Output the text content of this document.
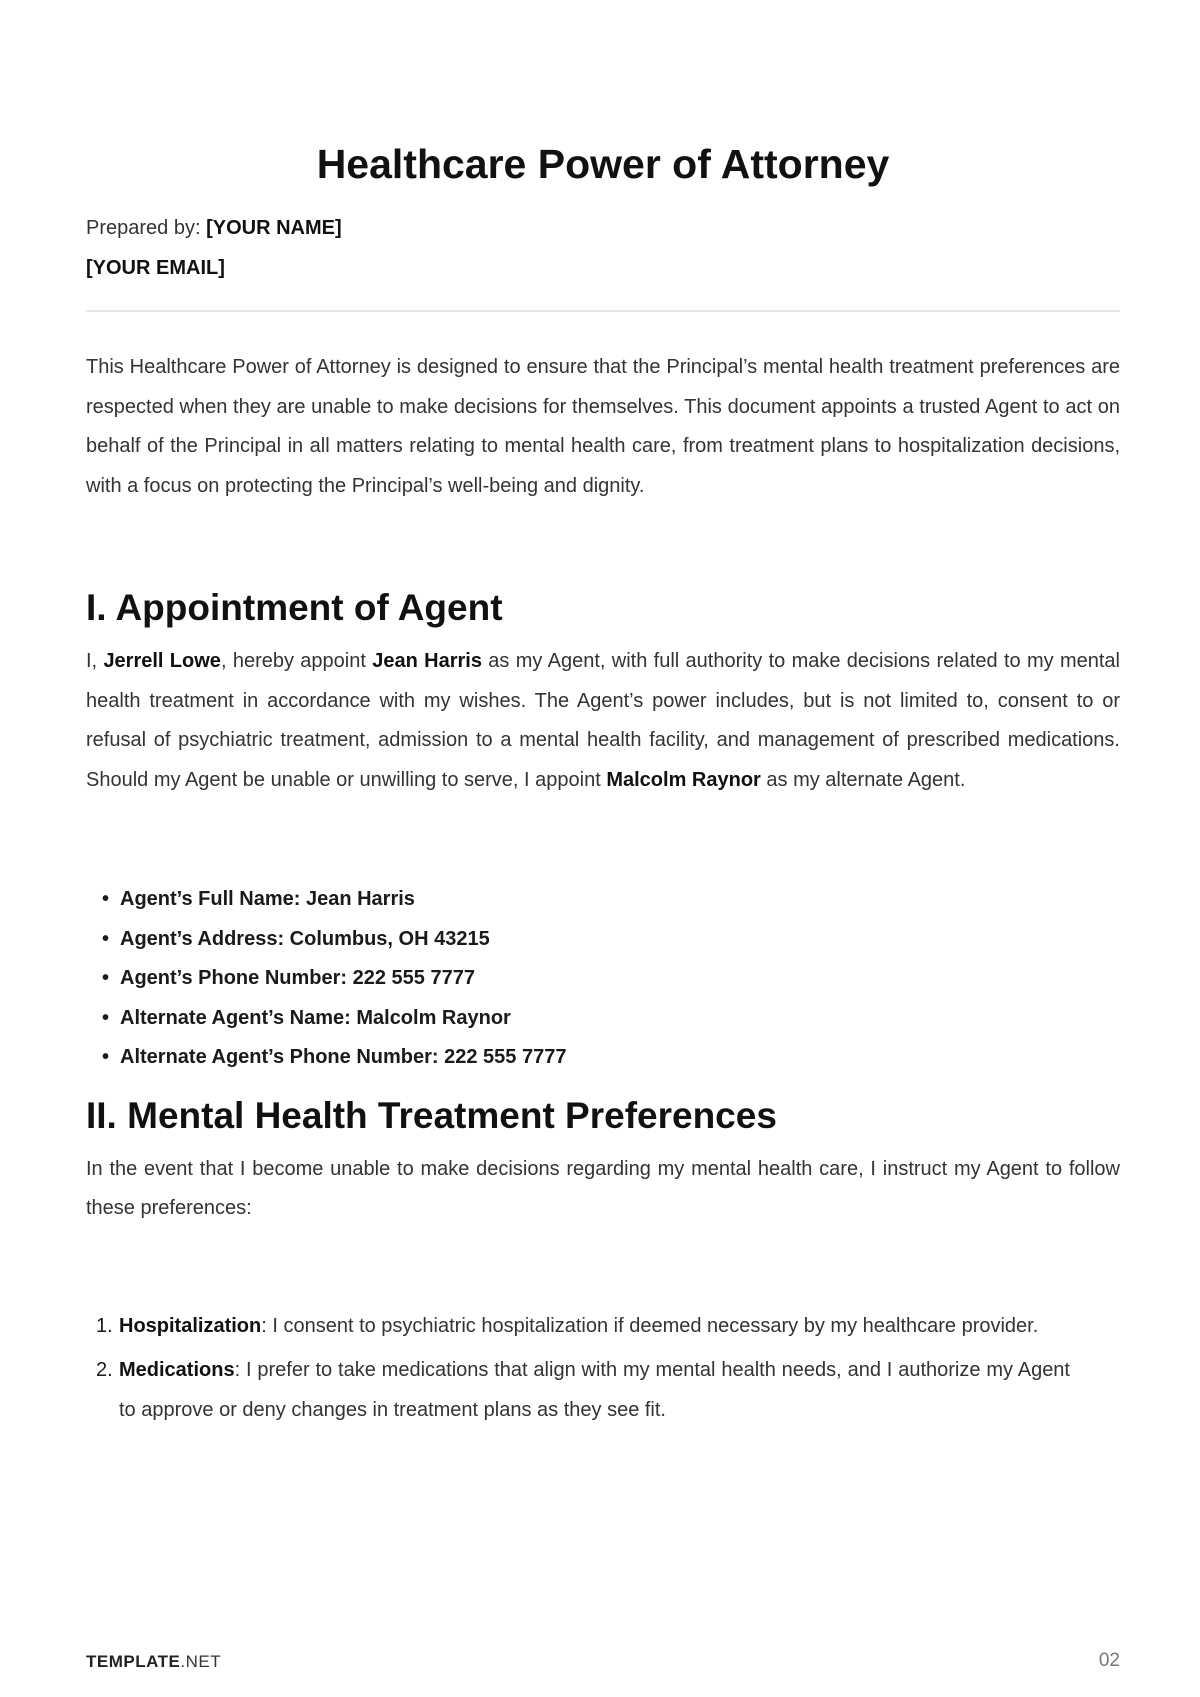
Healthcare Power of Attorney
Prepared by: [YOUR NAME]
[YOUR EMAIL]

This Healthcare Power of Attorney is designed to ensure that the Principal’s mental health treatment preferences are respected when they are unable to make decisions for themselves. This document appoints a trusted Agent to act on behalf of the Principal in all matters relating to mental health care, from treatment plans to hospitalization decisions, with a focus on protecting the Principal’s well-being and dignity.

I. Appointment of Agent

I, Jerrell Lowe, hereby appoint Jean Harris as my Agent, with full authority to make decisions related to my mental health treatment in accordance with my wishes. The Agent’s power includes, but is not limited to, consent to or refusal of psychiatric treatment, admission to a mental health facility, and management of prescribed medications. Should my Agent be unable or unwilling to serve, I appoint Malcolm Raynor as my alternate Agent.

• Agent’s Full Name: Jean Harris
• Agent’s Address: Columbus, OH 43215
• Agent’s Phone Number: 222 555 7777
• Alternate Agent’s Name: Malcolm Raynor
• Alternate Agent’s Phone Number: 222 555 7777
II. Mental Health Treatment Preferences

In the event that I become unable to make decisions regarding my mental health care, I instruct my Agent to follow these preferences:

1. Hospitalization: I consent to psychiatric hospitalization if deemed necessary by my healthcare provider.
2. Medications: I prefer to take medications that align with my mental health needs, and I authorize my Agent to approve or deny changes in treatment plans as they see fit.
TEMPLATE.NET	02
